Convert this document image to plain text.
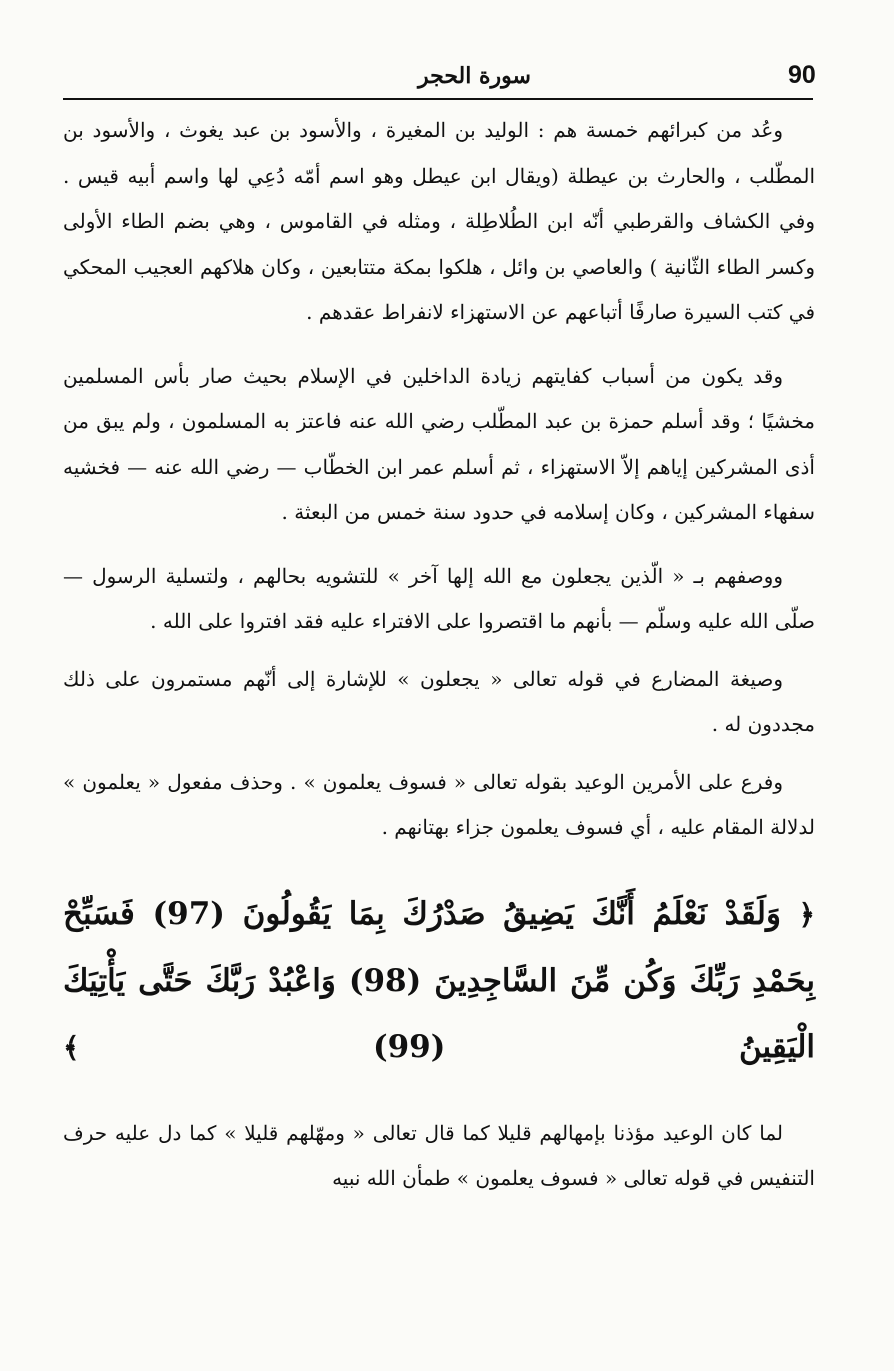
90
سورة الحجر

وعُد من كبرائهم خمسة هم : الوليد بن المغيرة ، والأسود بن عبد يغوث ، والأسود بن المطّلب ، والحارث بن عيطلة (ويقال ابن عيطل وهو اسم أمّه دُعِي لها واسم أبيه قيس . وفي الكشاف والقرطبي أنّه ابن الطُلاطِلة ، ومثله في القاموس ، وهي بضم الطاء الأولى وكسر الطاء الثّانية ) والعاصي بن وائل ، هلكوا بمكة متتابعين ، وكان هلاكهم العجيب المحكي في كتب السيرة صارفًا أتباعهم عن الاستهزاء لانفراط عقدهم .

وقد يكون من أسباب كفايتهم زيادة الداخلين في الإسلام بحيث صار بأس المسلمين مخشيًا ؛ وقد أسلم حمزة بن عبد المطّلب رضي الله عنه فاعتز به المسلمون ، ولم يبق من أذى المشركين إياهم إلاّ الاستهزاء ، ثم أسلم عمر ابن الخطّاب — رضي الله عنه — فخشيه سفهاء المشركين ، وكان إسلامه في حدود سنة خمس من البعثة .

ووصفهم بـ « الّذين يجعلون مع الله إلها آخر » للتشويه بحالهم ، ولتسلية الرسول — صلّى الله عليه وسلّم — بأنهم ما اقتصروا على الافتراء عليه فقد افتروا على الله .

وصيغة المضارع في قوله تعالى « يجعلون » للإشارة إلى أنّهم مستمرون على ذلك مجددون له .

وفرع على الأمرين الوعيد بقوله تعالى « فسوف يعلمون » . وحذف مفعول « يعلمون » لدلالة المقام عليه ، أي فسوف يعلمون جزاء بهتانهم .

﴿ وَلَقَدْ نَعْلَمُ أَنَّكَ يَضِيقُ صَدْرُكَ بِمَا يَقُولُونَ (97) فَسَبِّحْ بِحَمْدِ رَبِّكَ وَكُن مِّنَ السَّاجِدِينَ (98) وَاعْبُدْ رَبَّكَ حَتَّى يَأْتِيَكَ الْيَقِينُ (99) ﴾

لما كان الوعيد مؤذنا بإمهالهم قليلا كما قال تعالى « ومهّلهم قليلا » كما دل عليه حرف التنفيس في قوله تعالى « فسوف يعلمون » طمأن الله نبيه
